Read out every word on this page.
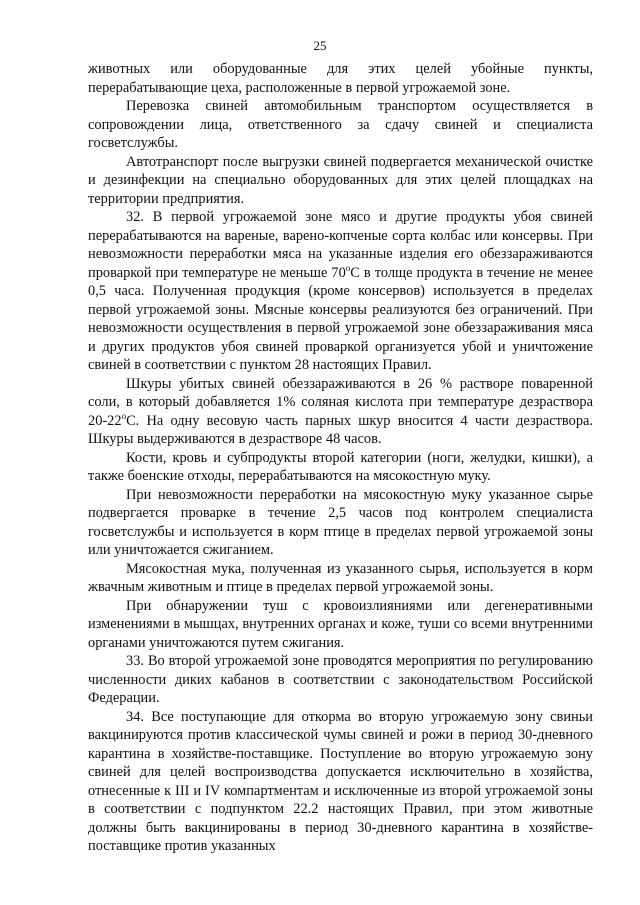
25

животных или оборудованные для этих целей убойные пункты, перерабатывающие цеха, расположенные в первой угрожаемой зоне.

Перевозка свиней автомобильным транспортом осуществляется в сопровождении лица, ответственного за сдачу свиней и специалиста госветслужбы.

Автотранспорт после выгрузки свиней подвергается механической очистке и дезинфекции на специально оборудованных для этих целей площадках на территории предприятия.

32. В первой угрожаемой зоне мясо и другие продукты убоя свиней перерабатываются на вареные, варено-копченые сорта колбас или консервы. При невозможности переработки мяса на указанные изделия его обеззараживаются проваркой при температуре не меньше $70^оС$ в толще продукта в течение не менее 0,5 часа. Полученная продукция (кроме консервов) используется в пределах первой угрожаемой зоны. Мясные консервы реализуются без ограничений. При невозможности осуществления в первой угрожаемой зоне обеззараживания мяса и других продуктов убоя свиней проваркой организуется убой и уничтожение свиней в соответствии с пунктом 28 настоящих Правил.

Шкуры убитых свиней обеззараживаются в 26 % растворе поваренной соли, в который добавляется 1% соляная кислота при температуре дезраствора $20-22^оС$. На одну весовую часть парных шкур вносится 4 части дезраствора. Шкуры выдерживаются в дезрастворе 48 часов.

Кости, кровь и субпродукты второй категории (ноги, желудки, кишки), а также боенские отходы, перерабатываются на мясокостную муку.

При невозможности переработки на мясокостную муку указанное сырье подвергается проварке в течение 2,5 часов под контролем специалиста госветслужбы и используется в корм птице в пределах первой угрожаемой зоны или уничтожается сжиганием.

Мясокостная мука, полученная из указанного сырья, используется в корм жвачным животным и птице в пределах первой угрожаемой зоны.

При обнаружении туш с кровоизлияниями или дегенеративными изменениями в мышцах, внутренних органах и коже, туши со всеми внутренними органами уничтожаются путем сжигания.

33. Во второй угрожаемой зоне проводятся мероприятия по регулированию численности диких кабанов в соответствии с законодательством Российской Федерации.

34. Все поступающие для откорма во вторую угрожаемую зону свиньи вакцинируются против классической чумы свиней и рожи в период 30-дневного карантина в хозяйстве-поставщике. Поступление во вторую угрожаемую зону свиней для целей воспроизводства допускается исключительно в хозяйства, отнесенные к III и IV компартментам и исключенные из второй угрожаемой зоны в соответствии с подпунктом 22.2 настоящих Правил, при этом животные должны быть вакцинированы в период 30-дневного карантина в хозяйстве-поставщике против указанных
